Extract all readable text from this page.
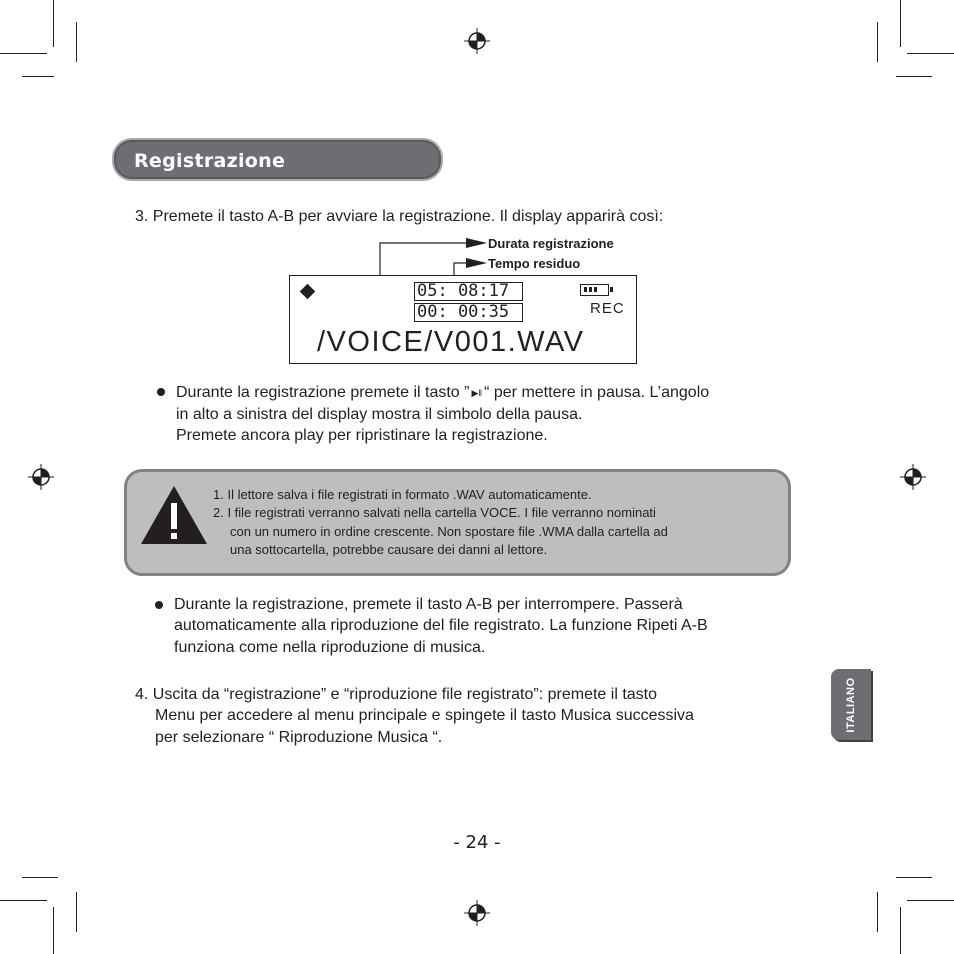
Registrazione
3. Premete il tasto A-B per avviare la registrazione. Il display apparirà così:
Durata registrazione
Tempo residuo
05: 08:17
00: 00:35	REC
/VOICE/V001.WAV
Durante la registrazione premete il tasto ” ▶‖ “ per mettere in pausa. L’angolo
in alto a sinistra del display mostra il simbolo della pausa.
Premete ancora play per ripristinare la registrazione.
1. Il lettore salva i file registrati in formato .WAV automaticamente.
2. I file registrati verranno salvati nella cartella VOCE. I file verranno nominati
con un numero in ordine crescente. Non spostare file .WMA dalla cartella ad
una sottocartella, potrebbe causare dei danni al lettore.
Durante la registrazione, premete il tasto A-B per interrompere. Passerà
automaticamente alla riproduzione del file registrato. La funzione Ripeti A-B
funziona come nella riproduzione di musica.
4. Uscita da “registrazione” e “riproduzione file registrato”: premete il tasto
Menu per accedere al menu principale e spingete il tasto Musica successiva
per selezionare “ Riproduzione Musica “.
ITALIANO
- 24 -
